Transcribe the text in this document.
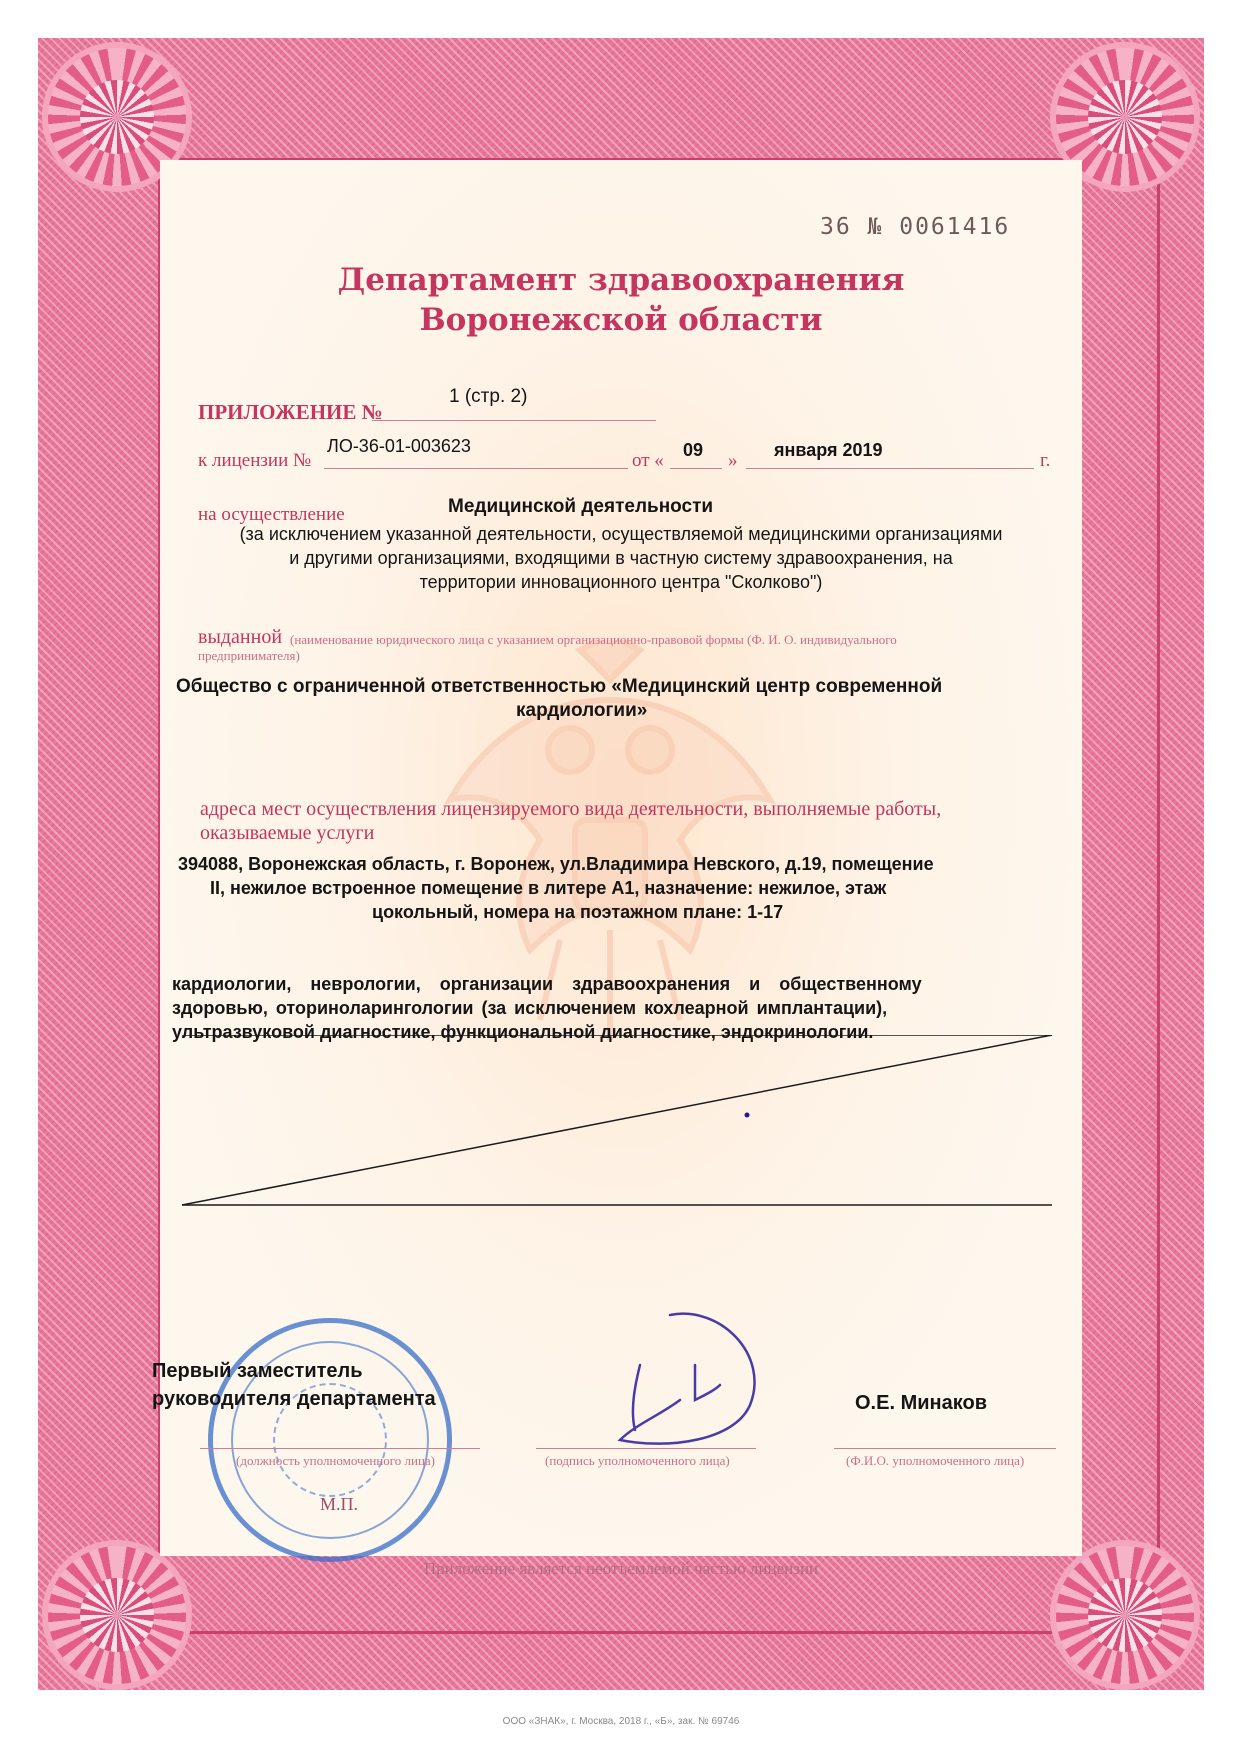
36 № 0061416
Департамент здравоохранения
Воронежской области
ПРИЛОЖЕНИЕ №
1 (стр. 2)
к лицензии №
ЛО-36-01-003623
от « 09 » января 2019	г.
на осуществление	Медицинской деятельности
(за исключением указанной деятельности, осуществляемой медицинскими организациями
и другими организациями, входящими в частную систему здравоохранения, на
территории инновационного центра "Сколково")
выданной (наименование юридического лица с указанием организационно-правовой формы (Ф. И. О. индивидуального
предпринимателя)
Общество с ограниченной ответственностью «Медицинский центр современной
кардиологии»
адреса мест осуществления лицензируемого вида деятельности, выполняемые работы,
оказываемые услуги
394088, Воронежская область, г. Воронеж, ул.Владимира Невского, д.19, помещение
II, нежилое встроенное помещение в литере А1, назначение: нежилое, этаж
цокольный, номера на поэтажном плане: 1-17
кардиологии, неврологии, организации здравоохранения и общественному
здоровью, оториноларингологии (за исключением кохлеарной имплантации),
ультразвуковой диагностике, функциональной диагностике, эндокринологии.
М.П.
Первый заместитель
руководителя департамента	О.Е. Минаков
(должность уполномоченного лица)	(подпись уполномоченного лица)	(Ф.И.О. уполномоченного лица)
Приложение является неотъемлемой частью лицензии
ООО «ЗНАК», г. Москва, 2018 г., «Б», зак. № 69746
